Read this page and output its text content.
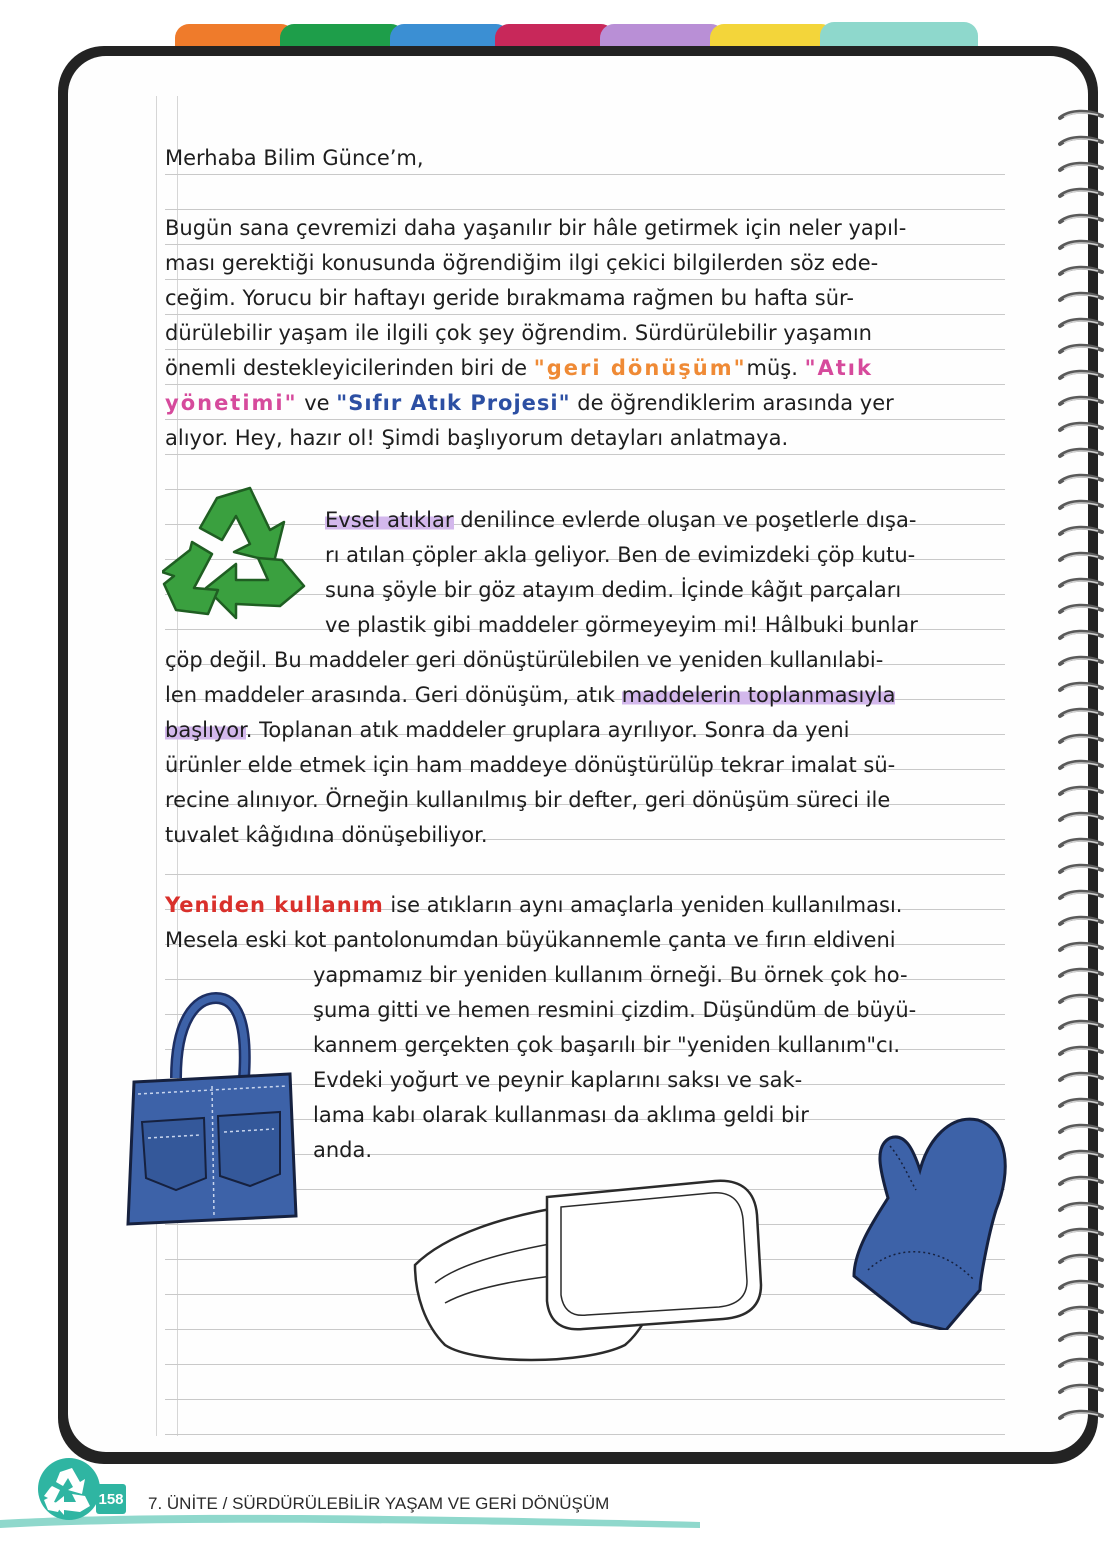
Merhaba Bilim Günce’m,
Bugün sana çevremizi daha yaşanılır bir hâle getirmek için neler yapıl-
ması gerektiği konusunda öğrendiğim ilgi çekici bilgilerden söz ede-
ceğim. Yorucu bir haftayı geride bırakmama rağmen bu hafta sür-
dürülebilir yaşam ile ilgili çok şey öğrendim. Sürdürülebilir yaşamın
önemli destekleyicilerinden biri de "geri dönüşüm"müş. "Atık
yönetimi" ve "Sıfır Atık Projesi" de öğrendiklerim arasında yer
alıyor. Hey, hazır ol! Şimdi başlıyorum detayları anlatmaya.
Evsel atıklar denilince evlerde oluşan ve poşetlerle dışa-
rı atılan çöpler akla geliyor. Ben de evimizdeki çöp kutu-
suna şöyle bir göz atayım dedim. İçinde kâğıt parçaları
ve plastik gibi maddeler görmeyeyim mi! Hâlbuki bunlar
çöp değil. Bu maddeler geri dönüştürülebilen ve yeniden kullanılabi-
len maddeler arasında. Geri dönüşüm, atık maddelerin toplanmasıyla
başlıyor. Toplanan atık maddeler gruplara ayrılıyor. Sonra da yeni
ürünler elde etmek için ham maddeye dönüştürülüp tekrar imalat sü-
recine alınıyor. Örneğin kullanılmış bir defter, geri dönüşüm süreci ile
tuvalet kâğıdına dönüşebiliyor.
Yeniden kullanım ise atıkların aynı amaçlarla yeniden kullanılması.
Mesela eski kot pantolonumdan büyükannemle çanta ve fırın eldiveni
yapmamız bir yeniden kullanım örneği. Bu örnek çok ho-
şuma gitti ve hemen resmini çizdim. Düşündüm de büyü-
kannem gerçekten çok başarılı bir "yeniden kullanım"cı.
Evdeki yoğurt ve peynir kaplarını saksı ve sak-
lama kabı olarak kullanması da aklıma geldi bir
anda.
158 7. ÜNİTE / SÜRDÜRÜLEBİLİR YAŞAM VE GERİ DÖNÜŞÜM
